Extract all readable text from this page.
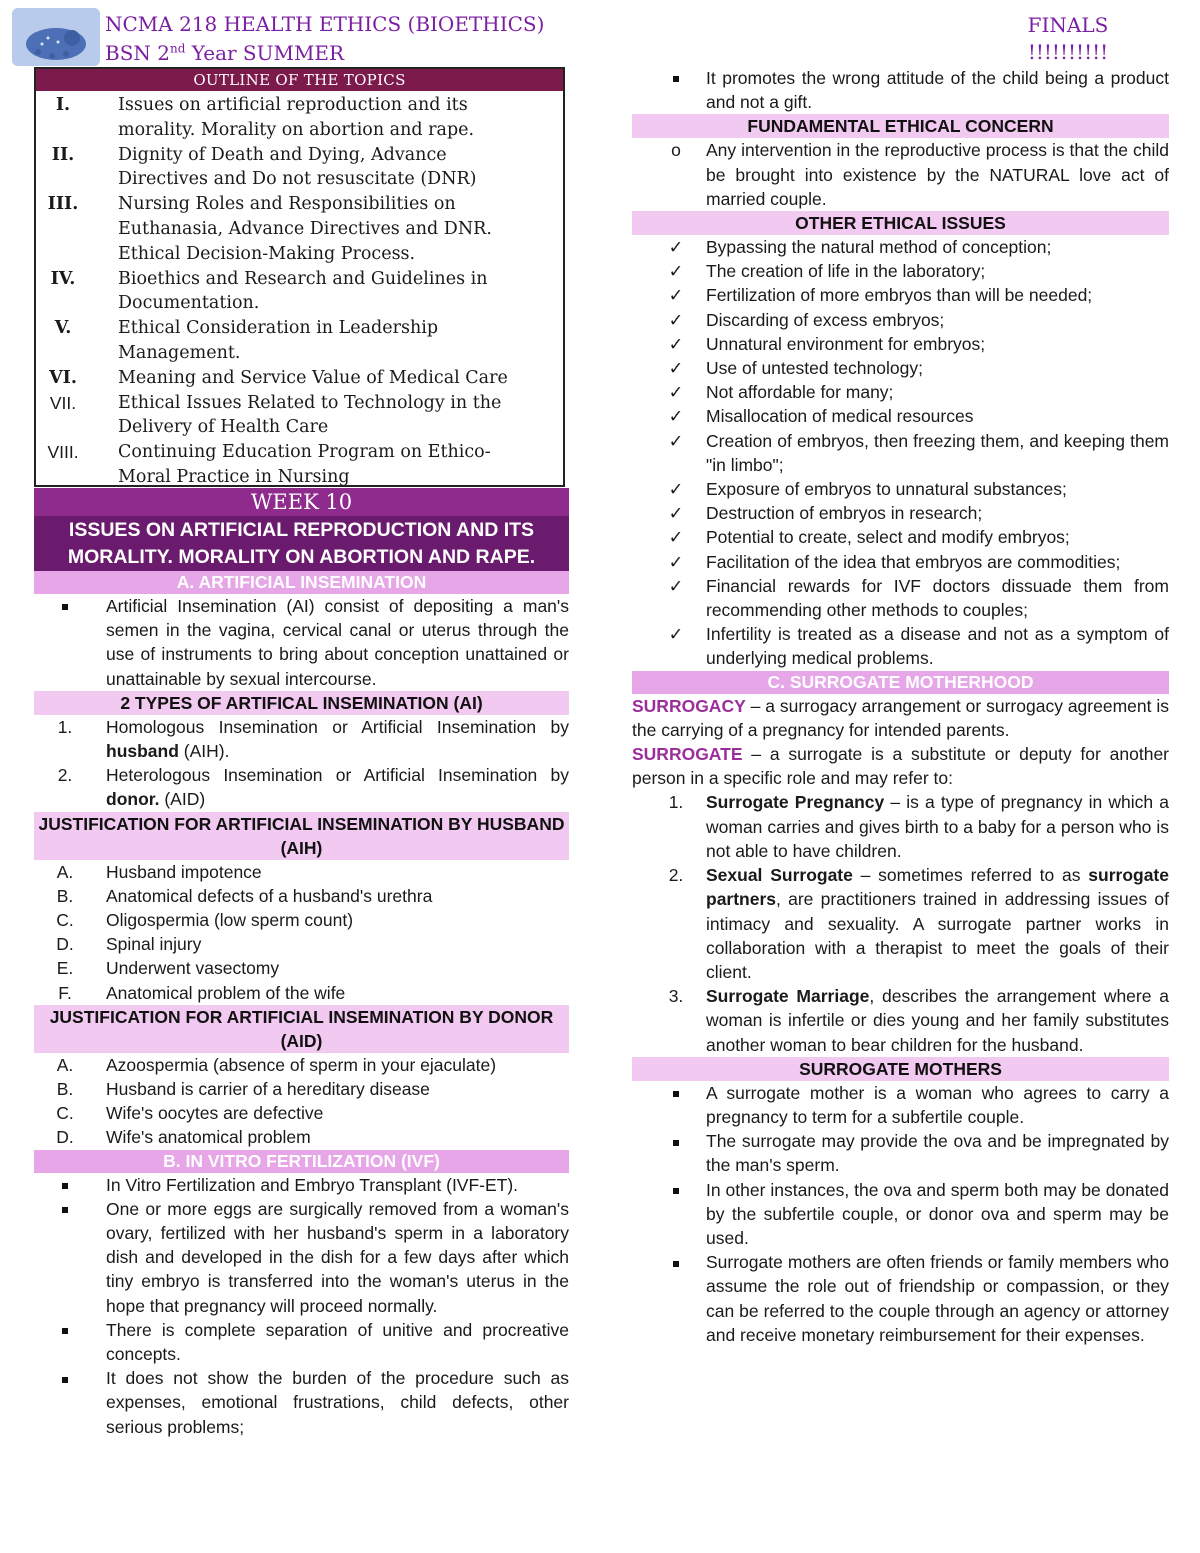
NCMA 218 HEALTH ETHICS (BIOETHICS)
BSN 2nd Year SUMMER
FINALS
!!!!!!!!!!
OUTLINE OF THE TOPICS
I.	Issues on artificial reproduction and its morality. Morality on abortion and rape.
II.	Dignity of Death and Dying, Advance Directives and Do not resuscitate (DNR)
III.	Nursing Roles and Responsibilities on Euthanasia, Advance Directives and DNR. Ethical Decision-Making Process.
IV.	Bioethics and Research and Guidelines in Documentation.
V.	Ethical Consideration in Leadership Management.
VI.	Meaning and Service Value of Medical Care
VII.	Ethical Issues Related to Technology in the Delivery of Health Care
VIII.	Continuing Education Program on Ethico-Moral Practice in Nursing
WEEK 10
ISSUES ON ARTIFICIAL REPRODUCTION AND ITS MORALITY. MORALITY ON ABORTION AND RAPE.
A. ARTIFICIAL INSEMINATION
Artificial Insemination (AI) consist of depositing a man's semen in the vagina, cervical canal or uterus through the use of instruments to bring about conception unattained or unattainable by sexual intercourse.
2 TYPES OF ARTIFICAL INSEMINATION (AI)
1.	Homologous Insemination or Artificial Insemination by husband (AIH).
2.	Heterologous Insemination or Artificial Insemination by donor. (AID)
JUSTIFICATION FOR ARTIFICIAL INSEMINATION BY HUSBAND (AIH)
A.	Husband impotence
B.	Anatomical defects of a husband's urethra
C.	Oligospermia (low sperm count)
D.	Spinal injury
E.	Underwent vasectomy
F.	Anatomical problem of the wife
JUSTIFICATION FOR ARTIFICIAL INSEMINATION BY DONOR (AID)
A.	Azoospermia (absence of sperm in your ejaculate)
B.	Husband is carrier of a hereditary disease
C.	Wife's oocytes are defective
D.	Wife's anatomical problem
B. IN VITRO FERTILIZATION (IVF)
In Vitro Fertilization and Embryo Transplant (IVF-ET).
One or more eggs are surgically removed from a woman's ovary, fertilized with her husband's sperm in a laboratory dish and developed in the dish for a few days after which tiny embryo is transferred into the woman's uterus in the hope that pregnancy will proceed normally.
There is complete separation of unitive and procreative concepts.
It does not show the burden of the procedure such as expenses, emotional frustrations, child defects, other serious problems;
It promotes the wrong attitude of the child being a product and not a gift.
FUNDAMENTAL ETHICAL CONCERN
o	Any intervention in the reproductive process is that the child be brought into existence by the NATURAL love act of married couple.
OTHER ETHICAL ISSUES
✓	Bypassing the natural method of conception;
✓	The creation of life in the laboratory;
✓	Fertilization of more embryos than will be needed;
✓	Discarding of excess embryos;
✓	Unnatural environment for embryos;
✓	Use of untested technology;
✓	Not affordable for many;
✓	Misallocation of medical resources
✓	Creation of embryos, then freezing them, and keeping them "in limbo";
✓	Exposure of embryos to unnatural substances;
✓	Destruction of embryos in research;
✓	Potential to create, select and modify embryos;
✓	Facilitation of the idea that embryos are commodities;
✓	Financial rewards for IVF doctors dissuade them from recommending other methods to couples;
✓	Infertility is treated as a disease and not as a symptom of underlying medical problems.
C. SURROGATE MOTHERHOOD
SURROGACY – a surrogacy arrangement or surrogacy agreement is the carrying of a pregnancy for intended parents.
SURROGATE – a surrogate is a substitute or deputy for another person in a specific role and may refer to:
1.	Surrogate Pregnancy – is a type of pregnancy in which a woman carries and gives birth to a baby for a person who is not able to have children.
2.	Sexual Surrogate – sometimes referred to as surrogate partners, are practitioners trained in addressing issues of intimacy and sexuality. A surrogate partner works in collaboration with a therapist to meet the goals of their client.
3.	Surrogate Marriage, describes the arrangement where a woman is infertile or dies young and her family substitutes another woman to bear children for the husband.
SURROGATE MOTHERS
A surrogate mother is a woman who agrees to carry a pregnancy to term for a subfertile couple.
The surrogate may provide the ova and be impregnated by the man's sperm.
In other instances, the ova and sperm both may be donated by the subfertile couple, or donor ova and sperm may be used.
Surrogate mothers are often friends or family members who assume the role out of friendship or compassion, or they can be referred to the couple through an agency or attorney and receive monetary reimbursement for their expenses.
